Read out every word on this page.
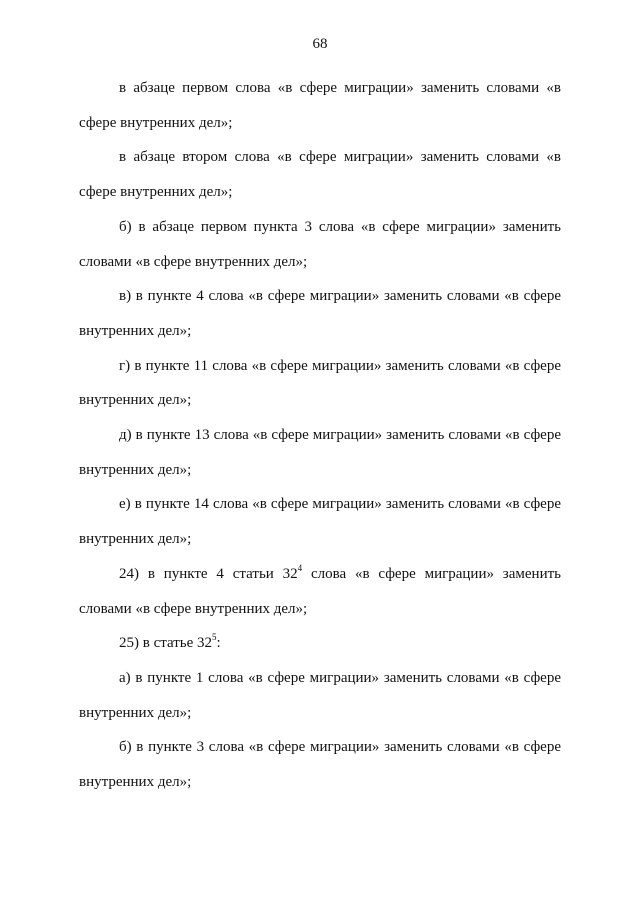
68

в абзаце первом слова «в сфере миграции» заменить словами «в сфере внутренних дел»;

в абзаце втором слова «в сфере миграции» заменить словами «в сфере внутренних дел»;

б) в абзаце первом пункта 3 слова «в сфере миграции» заменить словами «в сфере внутренних дел»;

в) в пункте 4 слова «в сфере миграции» заменить словами «в сфере внутренних дел»;

г) в пункте 11 слова «в сфере миграции» заменить словами «в сфере внутренних дел»;

д) в пункте 13 слова «в сфере миграции» заменить словами «в сфере внутренних дел»;

е) в пункте 14 слова «в сфере миграции» заменить словами «в сфере внутренних дел»;

24) в пункте 4 статьи $32^4$ слова «в сфере миграции» заменить словами «в сфере внутренних дел»;

25) в статье $32^5$:

а) в пункте 1 слова «в сфере миграции» заменить словами «в сфере внутренних дел»;

б) в пункте 3 слова «в сфере миграции» заменить словами «в сфере внутренних дел»;
